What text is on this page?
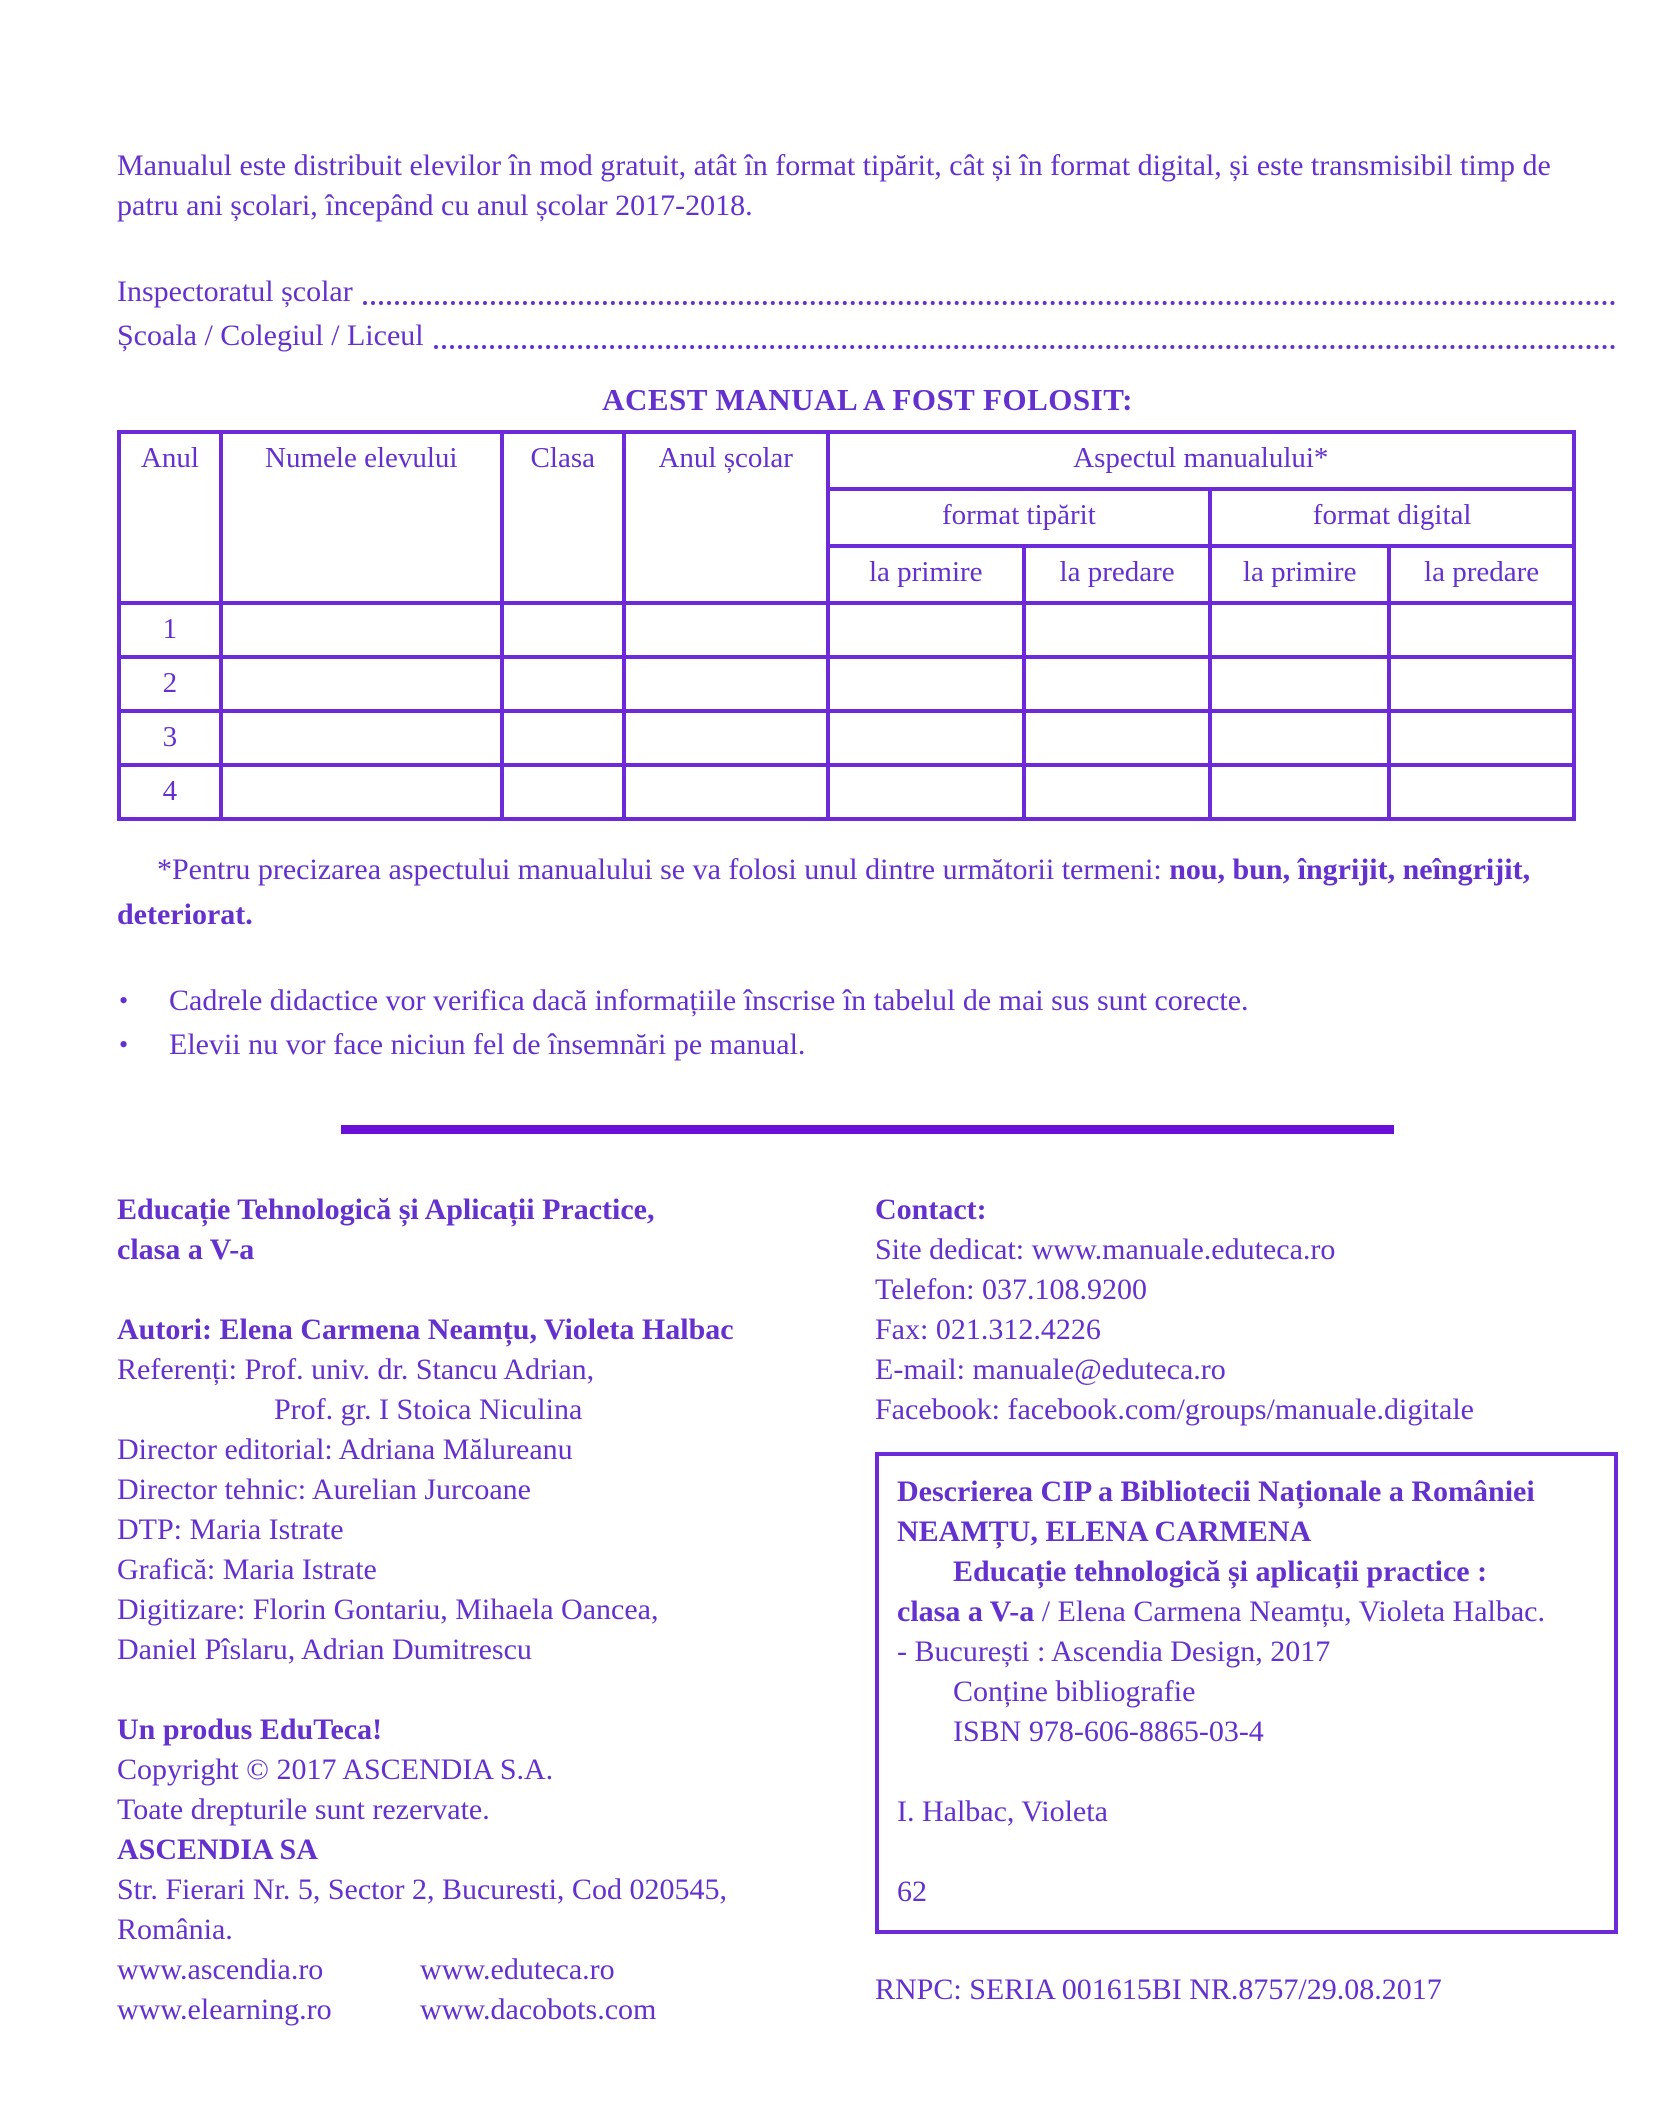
Manualul este distribuit elevilor în mod gratuit, atât în format tipărit, cât și în format digital, și este transmisibil timp de patru ani școlari, începând cu anul școlar 2017-2018.

Inspectoratul școlar
Școala / Colegiul / Liceul
ACEST MANUAL A FOST FOLOSIT:
Anul	Numele elevului	Clasa	Anul școlar	Aspectul manualului*			
				format tipărit		format digital	
				la primire	la predare	la primire	la predare
1							
2							
3							
4							

*Pentru precizarea aspectului manualului se va folosi unul dintre următorii termeni: nou, bun, îngrijit, neîngrijit, deteriorat.

• Cadrele didactice vor verifica dacă informațiile înscrise în tabelul de mai sus sunt corecte.
• Elevii nu vor face niciun fel de însemnări pe manual.
Educație Tehnologică și Aplicații Practice,
clasa a V-a
Autori: Elena Carmena Neamțu, Violeta Halbac
Referenți: Prof. univ. dr. Stancu Adrian,
Prof. gr. I Stoica Niculina
Director editorial: Adriana Mălureanu
Director tehnic: Aurelian Jurcoane
DTP: Maria Istrate
Grafică: Maria Istrate
Digitizare: Florin Gontariu, Mihaela Oancea,
Daniel Pîslaru, Adrian Dumitrescu
Un produs EduTeca!
Copyright © 2017 ASCENDIA S.A.
Toate drepturile sunt rezervate.
ASCENDIA SA
Str. Fierari Nr. 5, Sector 2, Bucuresti, Cod 020545,
România.
www.ascendia.ro	www.eduteca.ro
www.elearning.ro	www.dacobots.com
Contact:
Site dedicat: www.manuale.eduteca.ro
Telefon: 037.108.9200
Fax: 021.312.4226
E-mail: manuale@eduteca.ro
Facebook: facebook.com/groups/manuale.digitale
Descrierea CIP a Bibliotecii Naționale a României
NEAMȚU, ELENA CARMENA
Educație tehnologică și aplicații practice :
clasa a V-a / Elena Carmena Neamțu, Violeta Halbac.
- București : Ascendia Design, 2017
Conține bibliografie
ISBN 978-606-8865-03-4
I. Halbac, Violeta
62
RNPC: SERIA 001615BI NR.8757/29.08.2017
